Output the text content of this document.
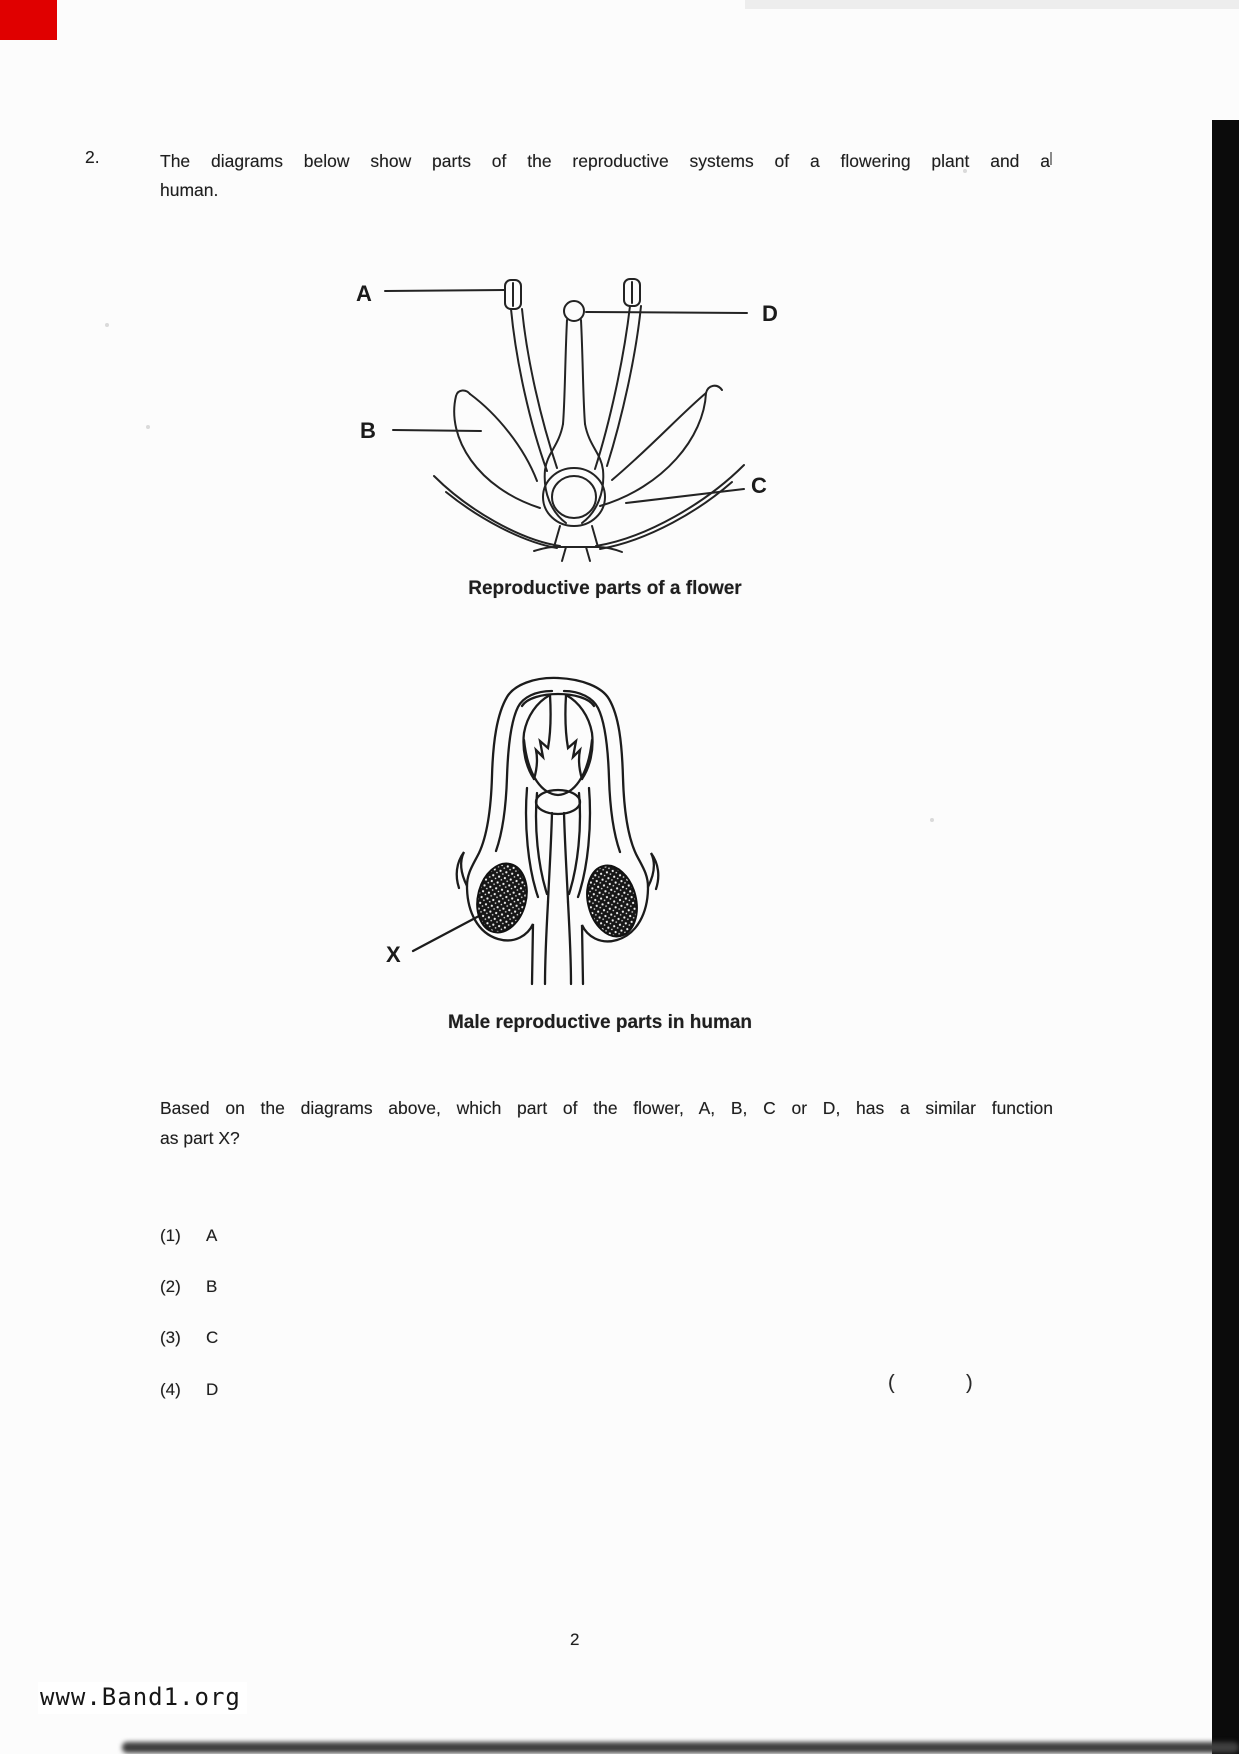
2.	The diagrams below show parts of the reproductive systems of a flowering plant and a
human.
A
B
C
D
Reproductive parts of a flower
X
Male reproductive parts in human
Based on the diagrams above, which part of the flower, A, B, C or D, has a similar function
as part X?
(1) A
(2) B
(3) C
(4) D	(	)
2
www.Band1.org
